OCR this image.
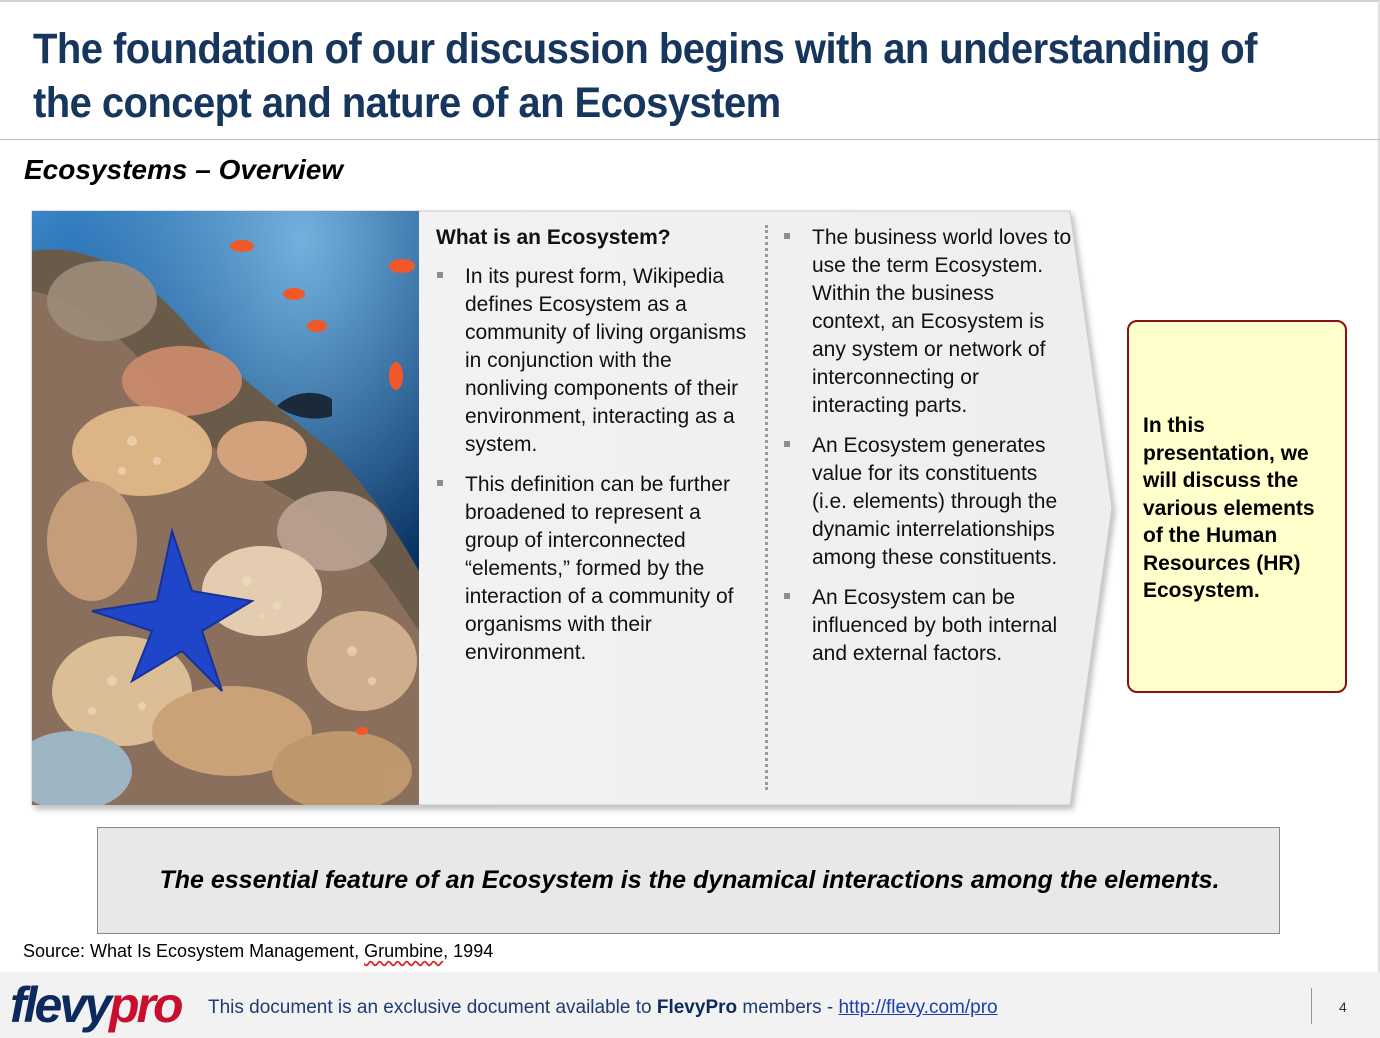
The foundation of our discussion begins with an understanding of the concept and nature of an Ecosystem
Ecosystems – Overview
What is an Ecosystem?
In its purest form, Wikipedia defines Ecosystem as a community of living organisms in conjunction with the nonliving components of their environment, interacting as a system.
This definition can be further broadened to represent a group of interconnected “elements,” formed by the interaction of a community of organisms with their environment.
The business world loves to use the term Ecosystem. Within the business context, an Ecosystem is any system or network of interconnecting or interacting parts.
An Ecosystem generates value for its constituents (i.e. elements) through the dynamic interrelationships among these constituents.
An Ecosystem can be influenced by both internal and external factors.
In this presentation, we will discuss the various elements of the Human Resources (HR) Ecosystem.
The essential feature of an Ecosystem is the dynamical interactions among the elements.
Source: What Is Ecosystem Management, Grumbine, 1994
flevypro This document is an exclusive document available to FlevyPro members - http://flevy.com/pro	4
